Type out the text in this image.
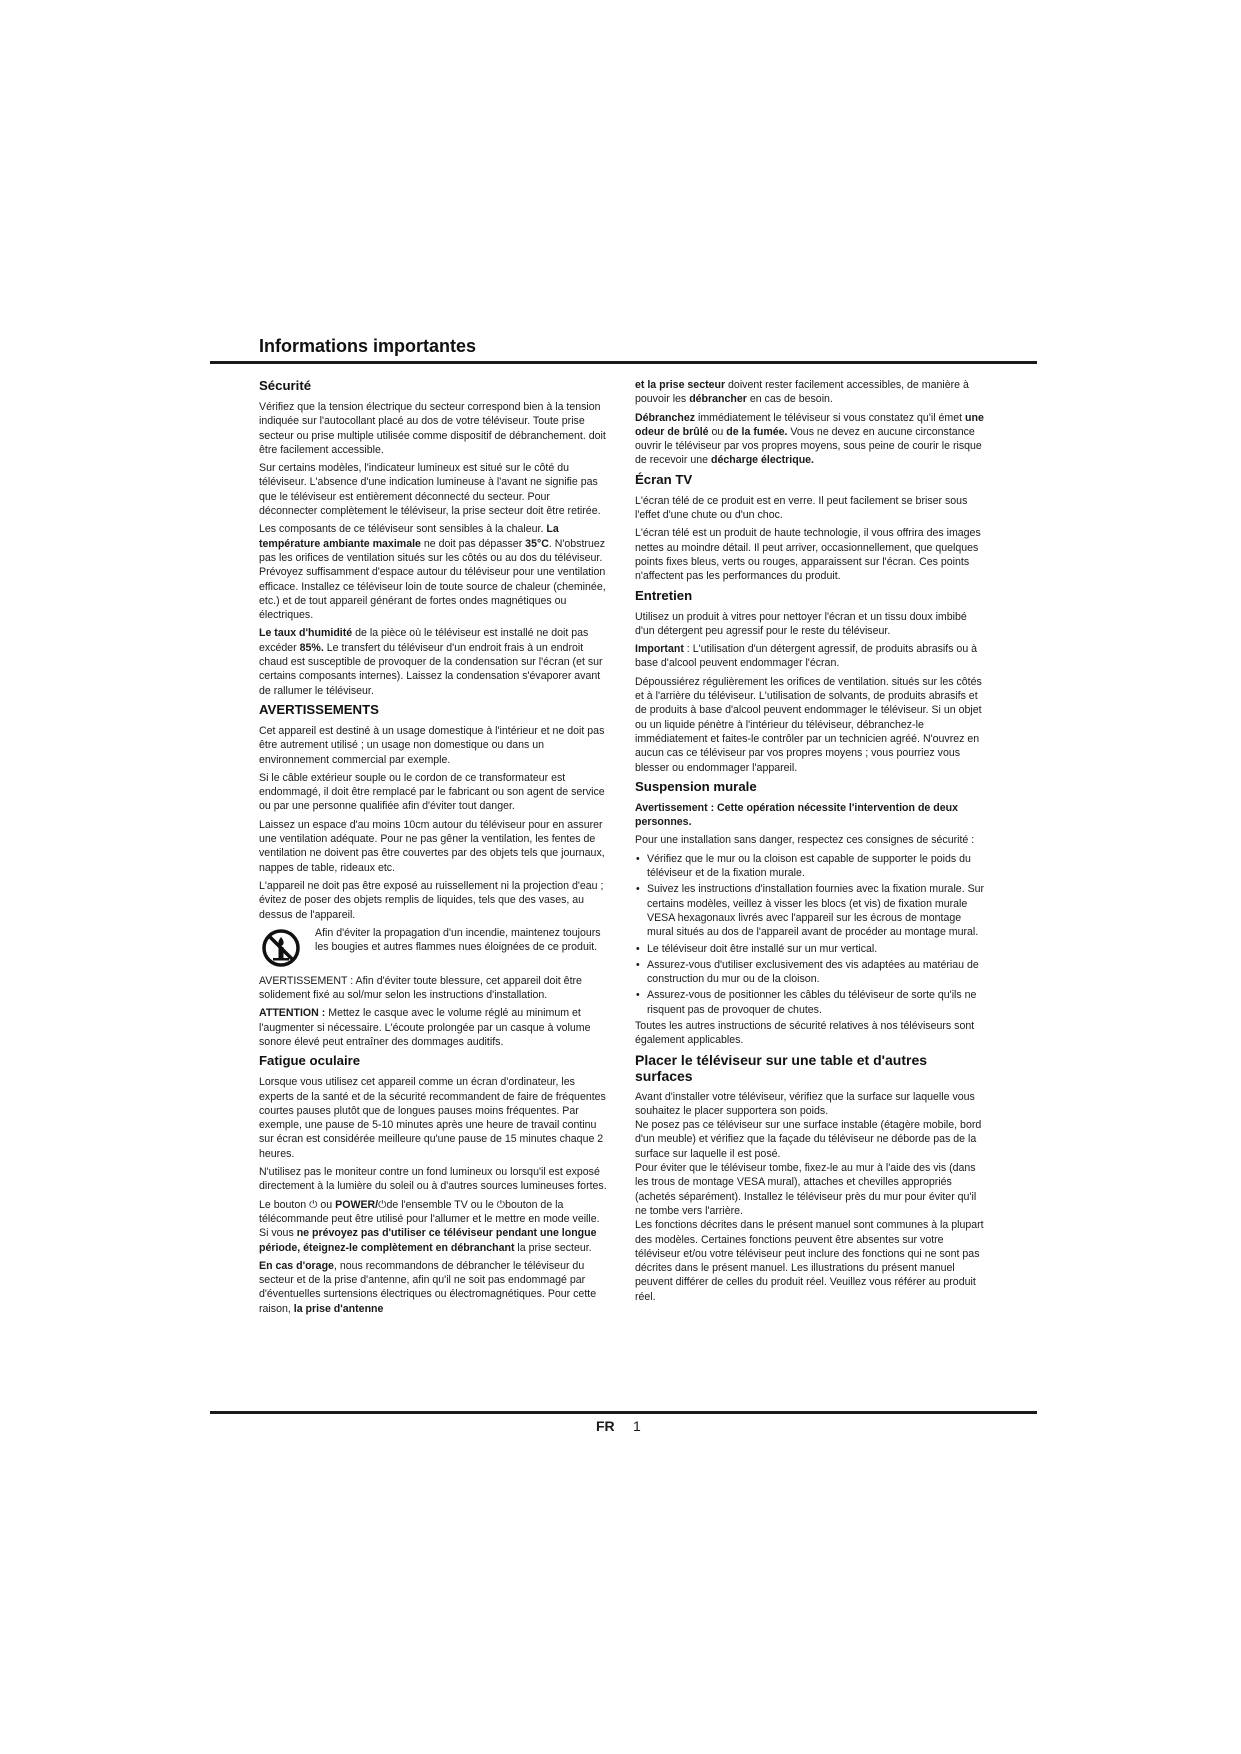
Informations importantes
Sécurité

Vérifiez que la tension électrique du secteur correspond bien à la tension indiquée sur l'autocollant placé au dos de votre téléviseur. Toute prise secteur ou prise multiple utilisée comme dispositif de débranchement. doit être facilement accessible.

Sur certains modèles, l'indicateur lumineux est situé sur le côté du téléviseur. L'absence d'une indication lumineuse à l'avant ne signifie pas que le téléviseur est entièrement déconnecté du secteur. Pour déconnecter complètement le téléviseur, la prise secteur doit être retirée.

Les composants de ce téléviseur sont sensibles à la chaleur. La température ambiante maximale ne doit pas dépasser 35°C. N'obstruez pas les orifices de ventilation situés sur les côtés ou au dos du téléviseur. Prévoyez suffisamment d'espace autour du téléviseur pour une ventilation efficace. Installez ce téléviseur loin de toute source de chaleur (cheminée, etc.) et de tout appareil générant de fortes ondes magnétiques ou électriques.

Le taux d'humidité de la pièce où le téléviseur est installé ne doit pas excéder 85%. Le transfert du téléviseur d'un endroit frais à un endroit chaud est susceptible de provoquer de la condensation sur l'écran (et sur certains composants internes). Laissez la condensation s'évaporer avant de rallumer le téléviseur.

AVERTISSEMENTS

Cet appareil est destiné à un usage domestique à l'intérieur et ne doit pas être autrement utilisé ; un usage non domestique ou dans un environnement commercial par exemple.

Si le câble extérieur souple ou le cordon de ce transformateur est endommagé, il doit être remplacé par le fabricant ou son agent de service ou par une personne qualifiée afin d'éviter tout danger.

Laissez un espace d'au moins 10cm autour du téléviseur pour en assurer une ventilation adéquate. Pour ne pas gêner la ventilation, les fentes de ventilation ne doivent pas être couvertes par des objets tels que journaux, nappes de table, rideaux etc.

L'appareil ne doit pas être exposé au ruissellement ni la projection d'eau ; évitez de poser des objets remplis de liquides, tels que des vases, au dessus de l'appareil.

Afin d'éviter la propagation d'un incendie, maintenez toujours les bougies et autres flammes nues éloignées de ce produit.

AVERTISSEMENT : Afin d'éviter toute blessure, cet appareil doit être solidement fixé au sol/mur selon les instructions d'installation.

ATTENTION : Mettez le casque avec le volume réglé au minimum et l'augmenter si nécessaire. L'écoute prolongée par un casque à volume sonore élevé peut entraîner des dommages auditifs.

Fatigue oculaire

Lorsque vous utilisez cet appareil comme un écran d'ordinateur, les experts de la santé et de la sécurité recommandent de faire de fréquentes courtes pauses plutôt que de longues pauses moins fréquentes. Par exemple, une pause de 5-10 minutes après une heure de travail continu sur écran est considérée meilleure qu'une pause de 15 minutes chaque 2 heures.

N'utilisez pas le moniteur contre un fond lumineux ou lorsqu'il est exposé directement à la lumière du soleil ou à d'autres sources lumineuses fortes.

Le bouton ⏻ ou POWER/⏻de l'ensemble TV ou le ⏻bouton de la télécommande peut être utilisé pour l'allumer et le mettre en mode veille. Si vous ne prévoyez pas d'utiliser ce téléviseur pendant une longue période, éteignez-le complètement en débranchant la prise secteur.

En cas d'orage, nous recommandons de débrancher le téléviseur du secteur et de la prise d'antenne, afin qu'il ne soit pas endommagé par d'éventuelles surtensions électriques ou électromagnétiques. Pour cette raison, la prise d'antenne

et la prise secteur doivent rester facilement accessibles, de manière à pouvoir les débrancher en cas de besoin.

Débranchez immédiatement le téléviseur si vous constatez qu'il émet une odeur de brûlé ou de la fumée. Vous ne devez en aucune circonstance ouvrir le téléviseur par vos propres moyens, sous peine de courir le risque de recevoir une décharge électrique.

Écran TV

L'écran télé de ce produit est en verre. Il peut facilement se briser sous l'effet d'une chute ou d'un choc.

L'écran télé est un produit de haute technologie, il vous offrira des images nettes au moindre détail. Il peut arriver, occasionnellement, que quelques points fixes bleus, verts ou rouges, apparaissent sur l'écran. Ces points n'affectent pas les performances du produit.

Entretien

Utilisez un produit à vitres pour nettoyer l'écran et un tissu doux imbibé d'un détergent peu agressif pour le reste du téléviseur.

Important : L'utilisation d'un détergent agressif, de produits abrasifs ou à base d'alcool peuvent endommager l'écran.

Dépoussiérez régulièrement les orifices de ventilation. situés sur les côtés et à l'arrière du téléviseur. L'utilisation de solvants, de produits abrasifs et de produits à base d'alcool peuvent endommager le téléviseur. Si un objet ou un liquide pénètre à l'intérieur du téléviseur, débranchez-le immédiatement et faites-le contrôler par un technicien agréé. N'ouvrez en aucun cas ce téléviseur par vos propres moyens ; vous pourriez vous blesser ou endommager l'appareil.

Suspension murale

Avertissement : Cette opération nécessite l'intervention de deux personnes.

Pour une installation sans danger, respectez ces consignes de sécurité :

• Vérifiez que le mur ou la cloison est capable de supporter le poids du téléviseur et de la fixation murale.
• Suivez les instructions d'installation fournies avec la fixation murale. Sur certains modèles, veillez à visser les blocs (et vis) de fixation murale VESA hexagonaux livrés avec l'appareil sur les écrous de montage mural situés au dos de l'appareil avant de procéder au montage mural.
• Le téléviseur doit être installé sur un mur vertical.
• Assurez-vous d'utiliser exclusivement des vis adaptées au matériau de construction du mur ou de la cloison.
• Assurez-vous de positionner les câbles du téléviseur de sorte qu'ils ne risquent pas de provoquer de chutes.

Toutes les autres instructions de sécurité relatives à nos téléviseurs sont également applicables.

Placer le téléviseur sur une table et d'autres surfaces

Avant d'installer votre téléviseur, vérifiez que la surface sur laquelle vous souhaitez le placer supportera son poids.

Ne posez pas ce téléviseur sur une surface instable (étagère mobile, bord d'un meuble) et vérifiez que la façade du téléviseur ne déborde pas de la surface sur laquelle il est posé.

Pour éviter que le téléviseur tombe, fixez-le au mur à l'aide des vis (dans les trous de montage VESA mural), attaches et chevilles appropriés (achetés séparément). Installez le téléviseur près du mur pour éviter qu'il ne tombe vers l'arrière.

Les fonctions décrites dans le présent manuel sont communes à la plupart des modèles. Certaines fonctions peuvent être absentes sur votre téléviseur et/ou votre téléviseur peut inclure des fonctions qui ne sont pas décrites dans le présent manuel. Les illustrations du présent manuel peuvent différer de celles du produit réel. Veuillez vous référer au produit réel.

FR 1
